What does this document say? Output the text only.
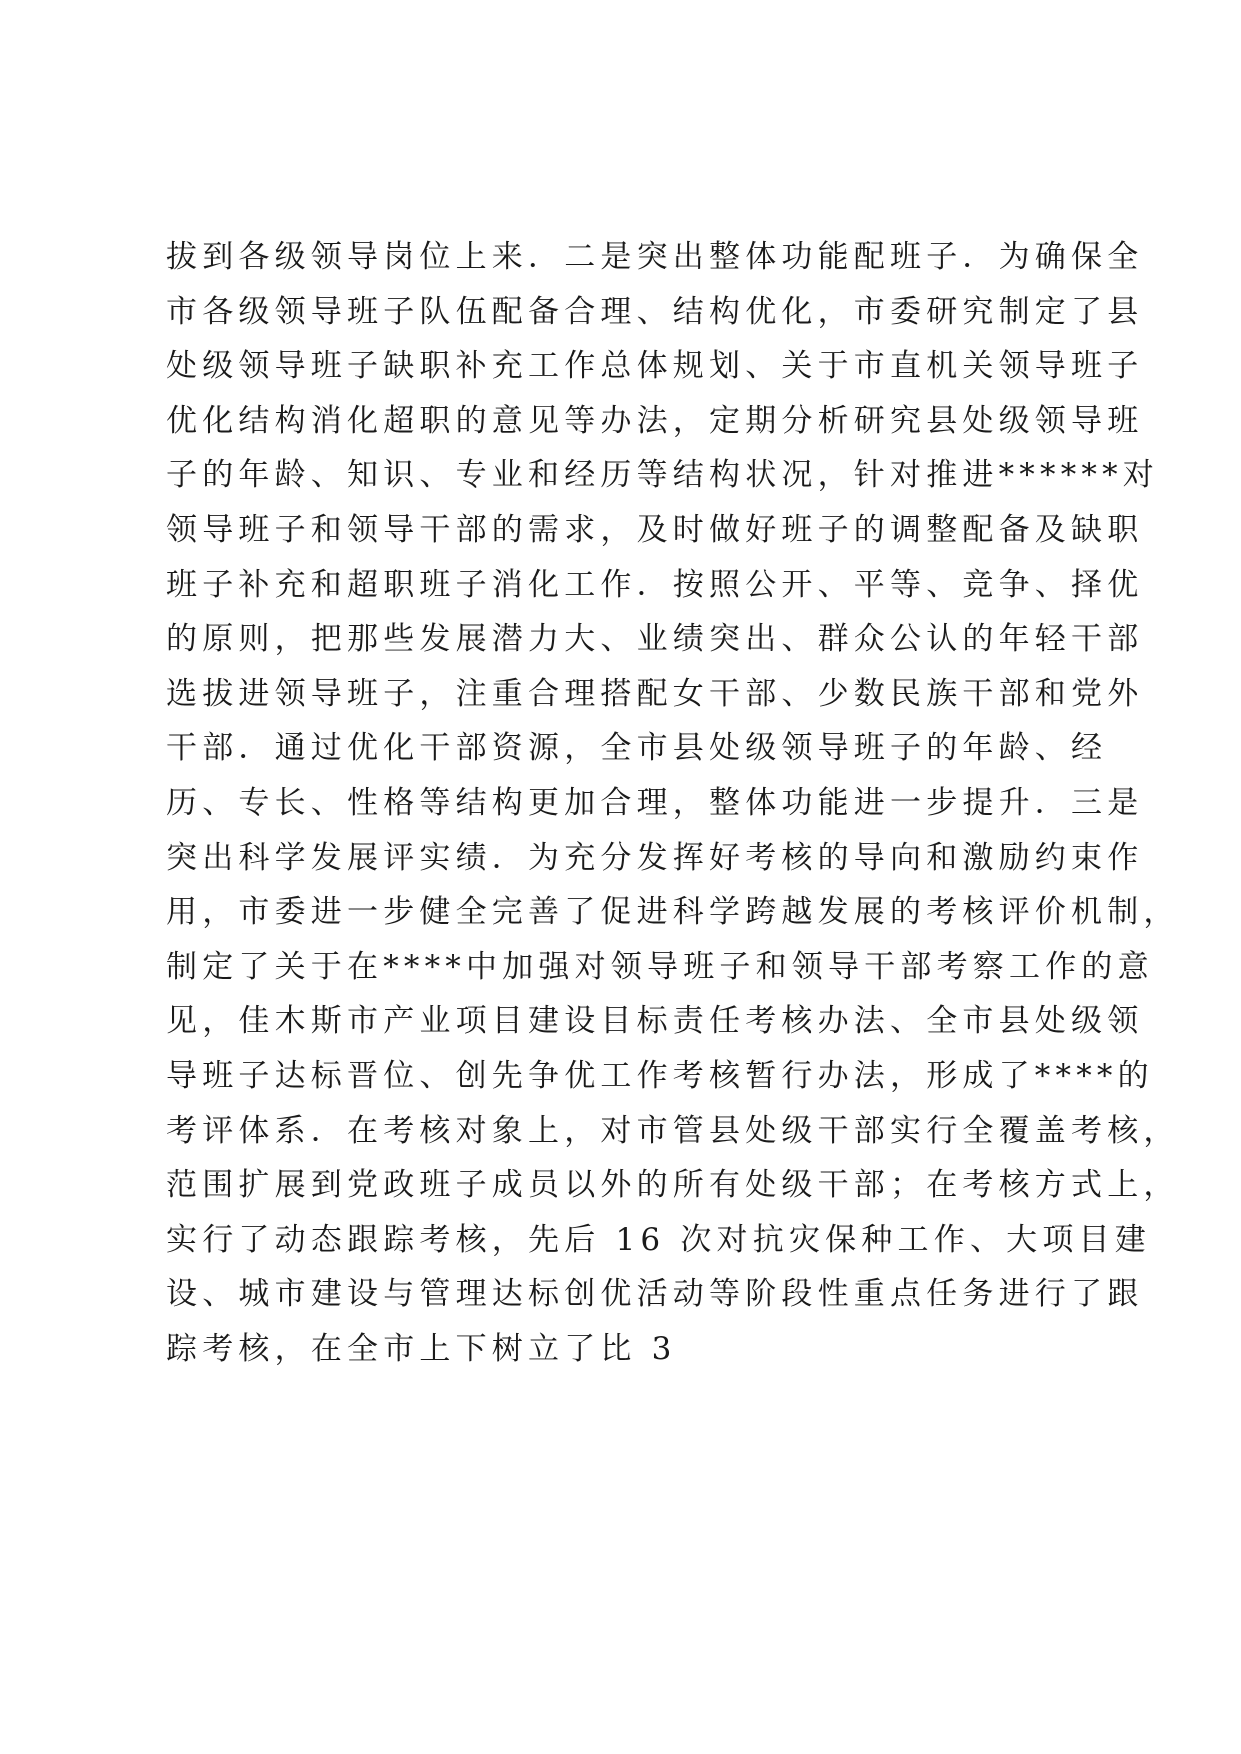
拔到各级领导岗位上来．二是突出整体功能配班子．为确保全
市各级领导班子队伍配备合理、结构优化，市委研究制定了县
处级领导班子缺职补充工作总体规划、关于市直机关领导班子
优化结构消化超职的意见等办法，定期分析研究县处级领导班
子的年龄、知识、专业和经历等结构状况，针对推进******对
领导班子和领导干部的需求，及时做好班子的调整配备及缺职
班子补充和超职班子消化工作．按照公开、平等、竞争、择优
的原则，把那些发展潜力大、业绩突出、群众公认的年轻干部
选拔进领导班子，注重合理搭配女干部、少数民族干部和党外
干部．通过优化干部资源，全市县处级领导班子的年龄、经
历、专长、性格等结构更加合理，整体功能进一步提升．三是
突出科学发展评实绩．为充分发挥好考核的导向和激励约束作
用，市委进一步健全完善了促进科学跨越发展的考核评价机制，
制定了关于在****中加强对领导班子和领导干部考察工作的意
见，佳木斯市产业项目建设目标责任考核办法、全市县处级领
导班子达标晋位、创先争优工作考核暂行办法，形成了****的
考评体系．在考核对象上，对市管县处级干部实行全覆盖考核，
范围扩展到党政班子成员以外的所有处级干部；在考核方式上，
实行了动态跟踪考核，先后 16 次对抗灾保种工作、大项目建
设、城市建设与管理达标创优活动等阶段性重点任务进行了跟
踪考核，在全市上下树立了比 3
